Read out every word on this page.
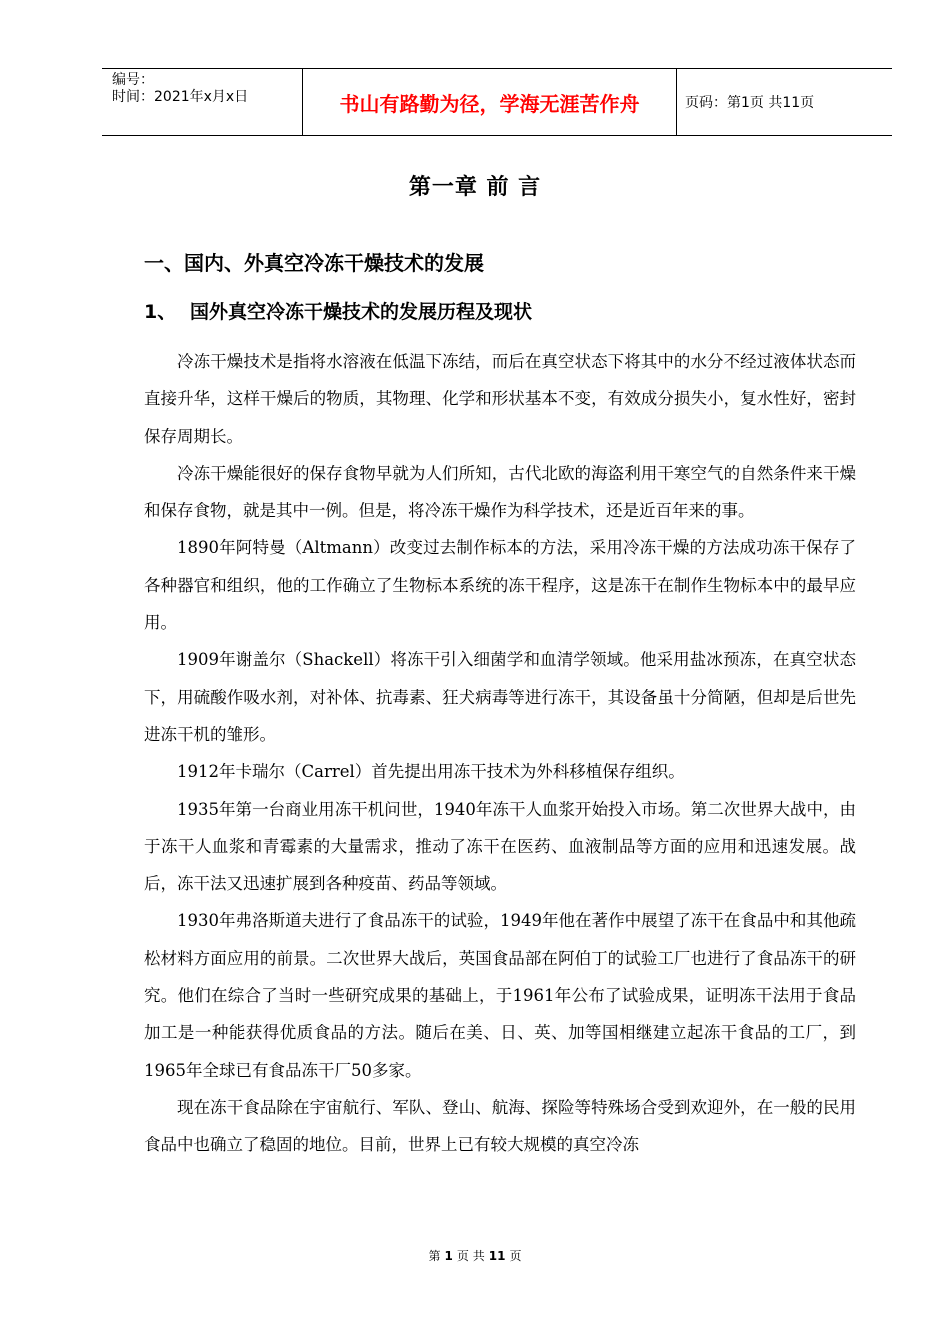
编号：
时间：2021年x月x日	书山有路勤为径，学海无涯苦作舟	页码：第1页 共11页
第一章 前 言
一、国内、外真空冷冻干燥技术的发展
1、 国外真空冷冻干燥技术的发展历程及现状

冷冻干燥技术是指将水溶液在低温下冻结，而后在真空状态下将其中的水分不经过液体状态而直接升华，这样干燥后的物质，其物理、化学和形状基本不变，有效成分损失小，复水性好，密封保存周期长。

冷冻干燥能很好的保存食物早就为人们所知，古代北欧的海盗利用干寒空气的自然条件来干燥和保存食物，就是其中一例。但是，将冷冻干燥作为科学技术，还是近百年来的事。

1890年阿特曼（Altmann）改变过去制作标本的方法，采用冷冻干燥的方法成功冻干保存了各种器官和组织，他的工作确立了生物标本系统的冻干程序，这是冻干在制作生物标本中的最早应用。

1909年谢盖尔（Shackell）将冻干引入细菌学和血清学领域。他采用盐冰预冻，在真空状态下，用硫酸作吸水剂，对补体、抗毒素、狂犬病毒等进行冻干，其设备虽十分简陋，但却是后世先进冻干机的雏形。

1912年卡瑞尔（Carrel）首先提出用冻干技术为外科移植保存组织。

1935年第一台商业用冻干机问世，1940年冻干人血浆开始投入市场。第二次世界大战中，由于冻干人血浆和青霉素的大量需求，推动了冻干在医药、血液制品等方面的应用和迅速发展。战后，冻干法又迅速扩展到各种疫苗、药品等领域。

1930年弗洛斯道夫进行了食品冻干的试验，1949年他在著作中展望了冻干在食品中和其他疏松材料方面应用的前景。二次世界大战后，英国食品部在阿伯丁的试验工厂也进行了食品冻干的研究。他们在综合了当时一些研究成果的基础上，于1961年公布了试验成果，证明冻干法用于食品加工是一种能获得优质食品的方法。随后在美、日、英、加等国相继建立起冻干食品的工厂，到1965年全球已有食品冻干厂50多家。

现在冻干食品除在宇宙航行、军队、登山、航海、探险等特殊场合受到欢迎外，在一般的民用食品中也确立了稳固的地位。目前，世界上已有较大规模的真空冷冻

第 1 页 共 11 页
